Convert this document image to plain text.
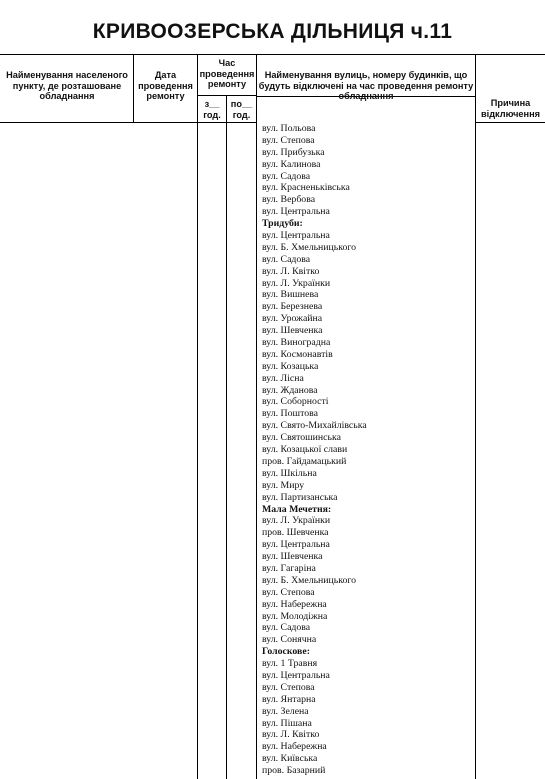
КРИВООЗЕРСЬКА ДІЛЬНИЦЯ ч.11
Найменування населеного пункту, де розташоване обладнання
Дата проведення ремонту
Час проведення ремонту
з__ год.
по__ год.
Найменування вулиць, номеру будинків, що будуть відключені на час проведення ремонту обладнання
Причина відключення
вул. Польова
вул. Степова
вул. Прибузька
вул. Калинова
вул. Садова
вул. Красненьківська
вул. Вербова
вул. Центральна
Тридуби:
вул. Центральна
вул. Б. Хмельницького
вул. Садова
вул. Л. Квітко
вул. Л. Українки
вул. Вишнева
вул. Березнева
вул. Урожайна
вул. Шевченка
вул. Виноградна
вул. Космонавтів
вул. Козацька
вул. Лісна
вул. Жданова
вул. Соборності
вул. Поштова
вул. Свято-Михайлівська
вул. Святошинська
вул. Козацької слави
пров. Гайдамацький
вул. Шкільна
вул. Миру
вул. Партизанська
Мала Мечетня:
вул. Л. Українки
пров. Шевченка
вул. Центральна
вул. Шевченка
вул. Гагаріна
вул. Б. Хмельницького
вул. Степова
вул. Набережна
вул. Молодіжна
вул. Садова
вул. Сонячна
Голоскове:
вул. 1 Травня
вул. Центральна
вул. Степова
вул. Янтарна
вул. Зелена
вул. Пішана
вул. Л. Квітко
вул. Набережна
вул. Київська
пров. Базарний
